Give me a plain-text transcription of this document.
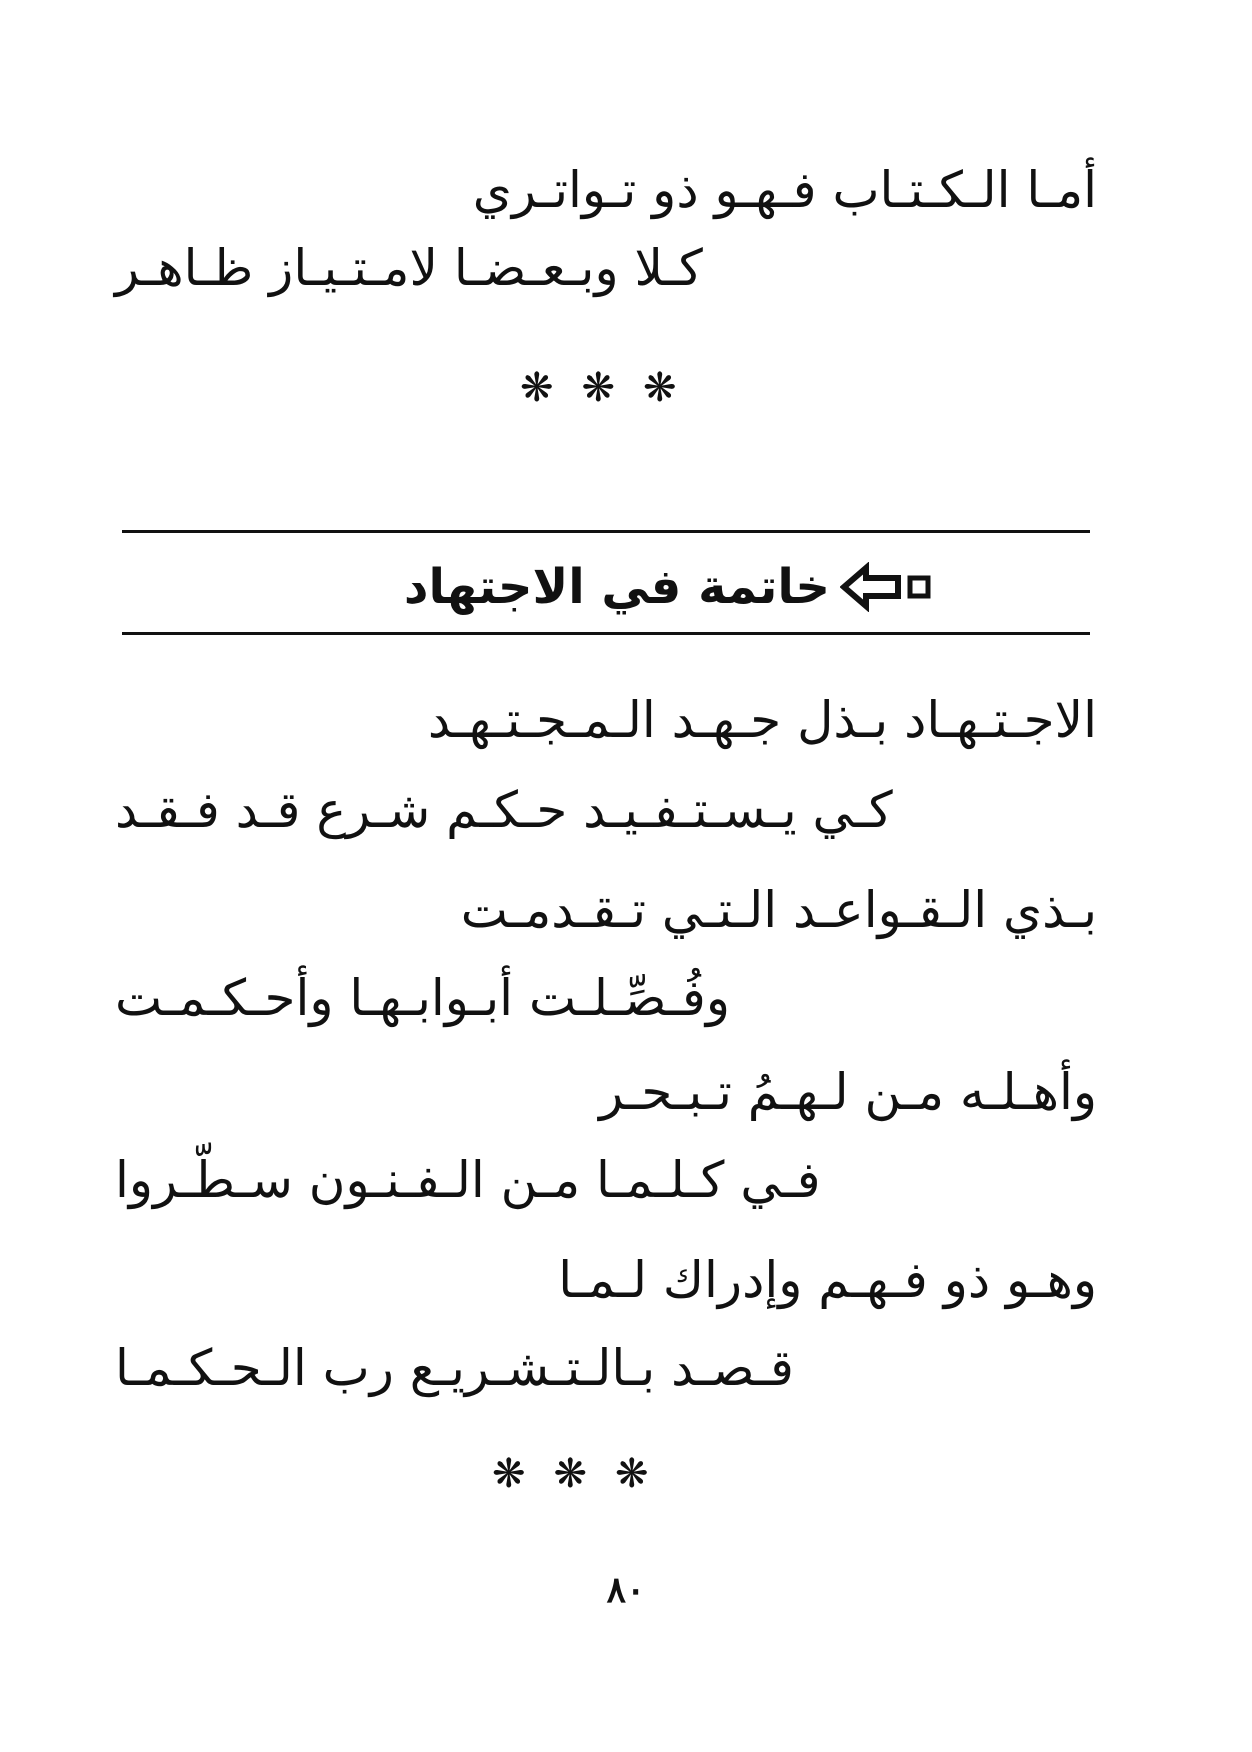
أمـا الـكـتـاب فـهـو ذو تـواتـري
كـلا وبـعـضـا لامـتـيـاز ظـاهـر
❋❋❋
خاتمة في الاجتهاد
الاجـتـهـاد بـذل جـهـد الـمـجـتـهـد
كـي يـسـتـفـيـد حـكـم شـرع قـد فـقـد
بـذي الـقـواعـد الـتـي تـقـدمـت
وفُـصِّـلـت أبـوابـهـا وأحـكـمـت
وأهـلـه مـن لـهـمُ تـبـحـر
فـي كـلـمـا مـن الـفـنـون سـطّـروا
وهـو ذو فـهـم وإدراك لـمـا
قـصـد بـالـتـشـريـع رب الـحـكـمـا
❋❋❋
٨٠
